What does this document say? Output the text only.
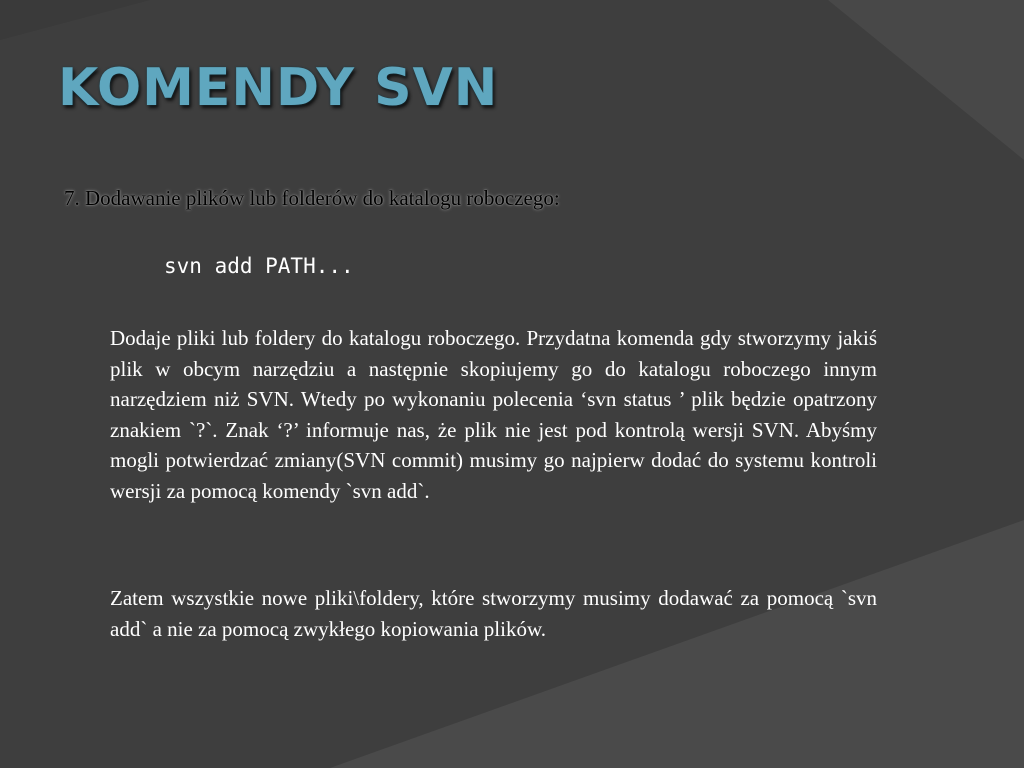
KOMENDY SVN

7. Dodawanie plików lub folderów do katalogu roboczego:

svn add PATH...

Dodaje pliki lub foldery do katalogu roboczego. Przydatna komenda gdy stworzymy jakiś plik w obcym narzędziu a następnie skopiujemy go do katalogu roboczego innym narzędziem niż SVN. Wtedy po wykonaniu polecenia ‘svn status ’ plik będzie opatrzony znakiem `?`. Znak ‘?’ informuje nas, że plik nie jest pod kontrolą wersji SVN. Abyśmy mogli potwierdzać zmiany(SVN commit) musimy go najpierw dodać do systemu kontroli wersji za pomocą komendy `svn add`.

Zatem wszystkie nowe pliki\foldery, które stworzymy musimy dodawać za pomocą `svn add` a nie za pomocą zwykłego kopiowania plików.
